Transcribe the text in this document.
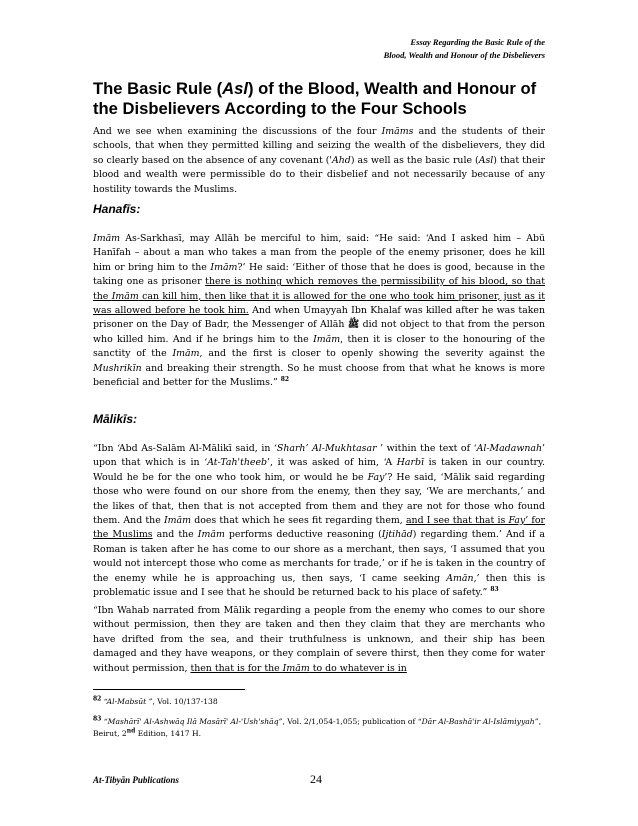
Essay Regarding the Basic Rule of the
Blood, Wealth and Honour of the Disbelievers
The Basic Rule (Asl) of the Blood, Wealth and Honour of the Disbelievers According to the Four Schools

And we see when examining the discussions of the four Imāms and the students of their schools, that when they permitted killing and seizing the wealth of the disbelievers, they did so clearly based on the absence of any covenant ('Ahd) as well as the basic rule (Asl) that their blood and wealth were permissible do to their disbelief and not necessarily because of any hostility towards the Muslims.

Hanafīs:

Imām As-Sarkhasī, may Allāh be merciful to him, said: “He said: ‘And I asked him – Abū Hanīfah – about a man who takes a man from the people of the enemy prisoner, does he kill him or bring him to the Imām?’ He said: ‘Either of those that he does is good, because in the taking one as prisoner there is nothing which removes the permissibility of his blood, so that the Imām can kill him, then like that it is allowed for the one who took him prisoner, just as it was allowed before he took him. And when Umayyah Ibn Khalaf was killed after he was taken prisoner on the Day of Badr, the Messenger of Allāh ﷺ did not object to that from the person who killed him. And if he brings him to the Imām, then it is closer to the honouring of the sanctity of the Imām, and the first is closer to openly showing the severity against the Mushrikīn and breaking their strength. So he must choose from that what he knows is more beneficial and better for the Muslims.” $^{82}$

Mālikīs:

“Ibn ‘Abd As-Salām Al-Mālikī said, in ‘Sharh’ Al-Mukhtasar ’ within the text of ‘Al-Madawnah’ upon that which is in ‘At-Tah'theeb’, it was asked of him, ‘A Harbī is taken in our country. Would he be for the one who took him, or would he be Fay’? He said, ‘Mālik said regarding those who were found on our shore from the enemy, then they say, ‘We are merchants,’ and the likes of that, then that is not accepted from them and they are not for those who found them. And the Imām does that which he sees fit regarding them, and I see that that is Fay’ for the Muslims and the Imām performs deductive reasoning (Ijtihād) regarding them.’ And if a Roman is taken after he has come to our shore as a merchant, then says, ‘I assumed that you would not intercept those who come as merchants for trade,’ or if he is taken in the country of the enemy while he is approaching us, then says, ‘I came seeking Amān,’ then this is problematic issue and I see that he should be returned back to his place of safety.” $^{83}$

“Ibn Wahab narrated from Mālik regarding a people from the enemy who comes to our shore without permission, then they are taken and then they claim that they are merchants who have drifted from the sea, and their truthfulness is unknown, and their ship has been damaged and they have weapons, or they complain of severe thirst, then they come for water without permission, then that is for the Imām to do whatever is in

$^{82}$ “Al-Mabsūt ”, Vol. 10/137-138

$^{83}$ “Mashārī' Al-Ashwāq Ilā Masārī' Al-'Ush'shāq”, Vol. 2/1,054-1,055; publication of “Dār Al-Bashā'ir Al-Islāmiyyah”, Beirut, 2nd Edition, 1417 H.

At-Tibyān Publications	24
